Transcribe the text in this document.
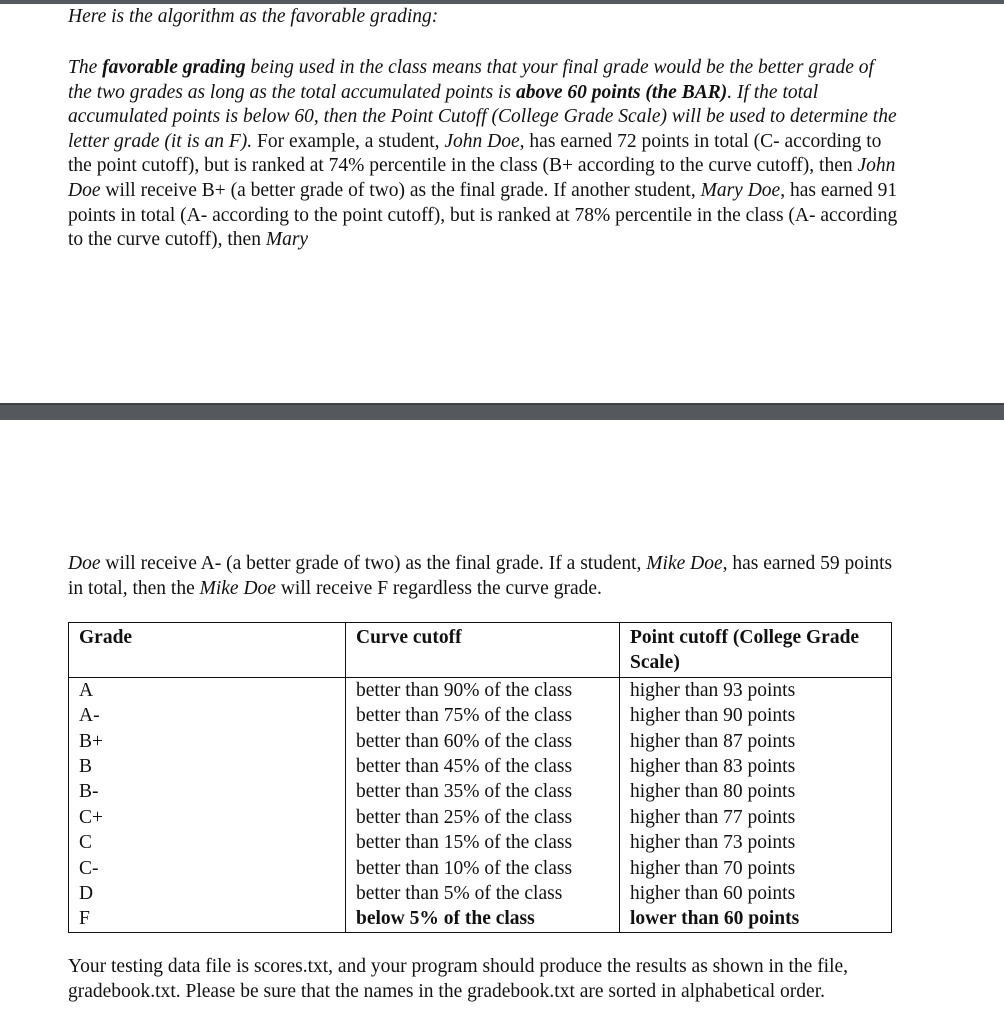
Here is the algorithm as the favorable grading:

The favorable grading being used in the class means that your final grade would be the better grade of the two grades as long as the total accumulated points is above 60 points (the BAR). If the total accumulated points is below 60, then the Point Cutoff (College Grade Scale) will be used to determine the letter grade (it is an F). For example, a student, John Doe, has earned 72 points in total (C- according to the point cutoff), but is ranked at 74% percentile in the class (B+ according to the curve cutoff), then John Doe will receive B+ (a better grade of two) as the final grade. If another student, Mary Doe, has earned 91 points in total (A- according to the point cutoff), but is ranked at 78% percentile in the class (A- according to the curve cutoff), then Mary

Doe will receive A- (a better grade of two) as the final grade. If a student, Mike Doe, has earned 59 points in total, then the Mike Doe will receive F regardless the curve grade.

Grade	Curve cutoff	Point cutoff (College Grade Scale)
A	better than 90% of the class	higher than 93 points
A-	better than 75% of the class	higher than 90 points
B+	better than 60% of the class	higher than 87 points
B	better than 45% of the class	higher than 83 points
B-	better than 35% of the class	higher than 80 points
C+	better than 25% of the class	higher than 77 points
C	better than 15% of the class	higher than 73 points
C-	better than 10% of the class	higher than 70 points
D	better than 5% of the class	higher than 60 points
F	below 5% of the class	lower than 60 points

Your testing data file is scores.txt, and your program should produce the results as shown in the file, gradebook.txt. Please be sure that the names in the gradebook.txt are sorted in alphabetical order.
